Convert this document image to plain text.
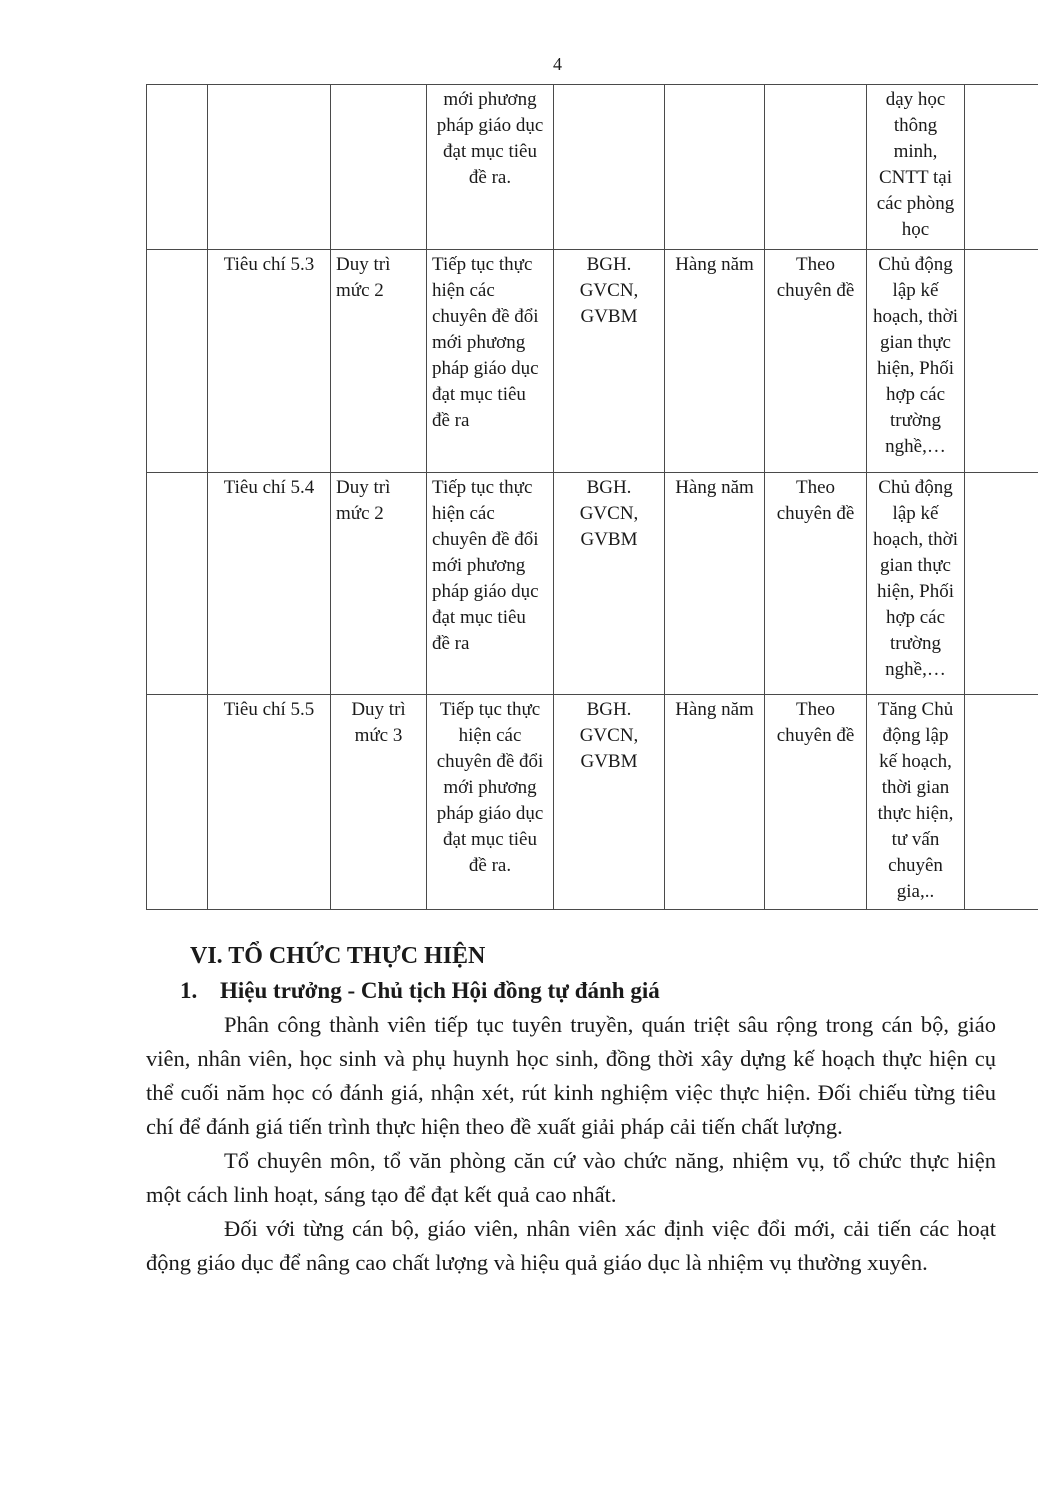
4
			mới phương pháp giáo dục đạt mục tiêu đề ra.				dạy học thông minh, CNTT tại các phòng học	
	Tiêu chí 5.3	Duy trì mức 2	Tiếp tục thực hiện các chuyên đề đổi mới phương pháp giáo dục đạt mục tiêu đề ra	BGH. GVCN, GVBM	Hàng năm	Theo chuyên đề	Chủ động lập kế hoạch, thời gian thực hiện, Phối hợp các trường nghề,…	
	Tiêu chí 5.4	Duy trì mức 2	Tiếp tục thực hiện các chuyên đề đổi mới phương pháp giáo dục đạt mục tiêu đề ra	BGH. GVCN, GVBM	Hàng năm	Theo chuyên đề	Chủ động lập kế hoạch, thời gian thực hiện, Phối hợp các trường nghề,…	
	Tiêu chí 5.5	Duy trì mức 3	Tiếp tục thực hiện các chuyên đề đổi mới phương pháp giáo dục đạt mục tiêu đề ra.	BGH. GVCN, GVBM	Hàng năm	Theo chuyên đề	Tăng Chủ động lập kế hoạch, thời gian thực hiện, tư vấn chuyên gia,..	
VI. TỔ CHỨC THỰC HIỆN
1. Hiệu trưởng - Chủ tịch Hội đồng tự đánh giá

Phân công thành viên tiếp tục tuyên truyền, quán triệt sâu rộng trong cán bộ, giáo viên, nhân viên, học sinh và phụ huynh học sinh, đồng thời xây dựng kế hoạch thực hiện cụ thể cuối năm học có đánh giá, nhận xét, rút kinh nghiệm việc thực hiện. Đối chiếu từng tiêu chí để đánh giá tiến trình thực hiện theo đề xuất giải pháp cải tiến chất lượng.

Tổ chuyên môn, tổ văn phòng căn cứ vào chức năng, nhiệm vụ, tổ chức thực hiện một cách linh hoạt, sáng tạo để đạt kết quả cao nhất.

Đối với từng cán bộ, giáo viên, nhân viên xác định việc đổi mới, cải tiến các hoạt động giáo dục để nâng cao chất lượng và hiệu quả giáo dục là nhiệm vụ thường xuyên.
